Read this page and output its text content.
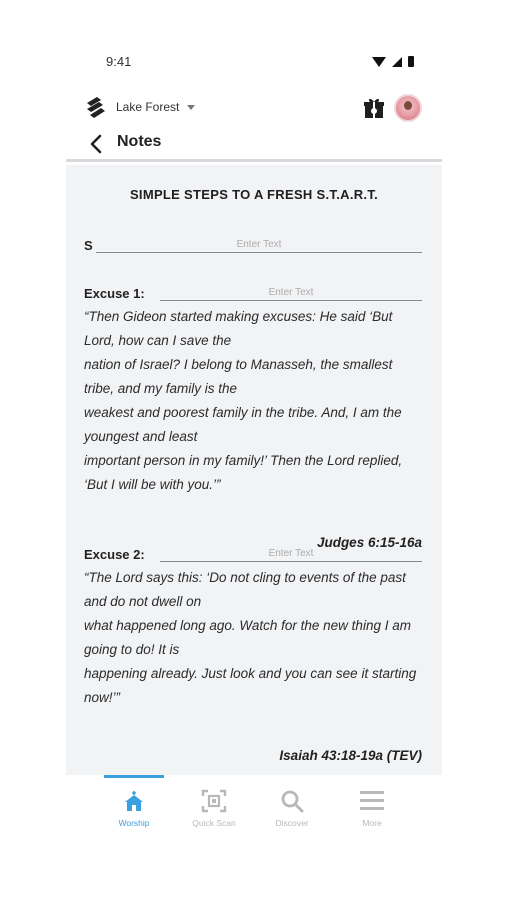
9:41
Lake Forest
Notes
SIMPLE STEPS TO A FRESH S.T.A.R.T.
S
Enter Text
Excuse 1:
Enter Text

“Then Gideon started making excuses: He said ‘But Lord, how can I save the

nation of Israel? I belong to Manasseh, the smallest tribe, and my family is the

weakest and poorest family in the tribe. And, I am the youngest and least

important person in my family!’ Then the Lord replied, ‘But I will be with you.’”

Judges 6:15-16a
Excuse 2:
Enter Text

“The Lord says this: ‘Do not cling to events of the past and do not dwell on

what happened long ago. Watch for the new thing I am going to do! It is

happening already. Just look and you can see it starting now!’”

Isaiah 43:18-19a (TEV)
Worship	Quick Scan	Discover	More
